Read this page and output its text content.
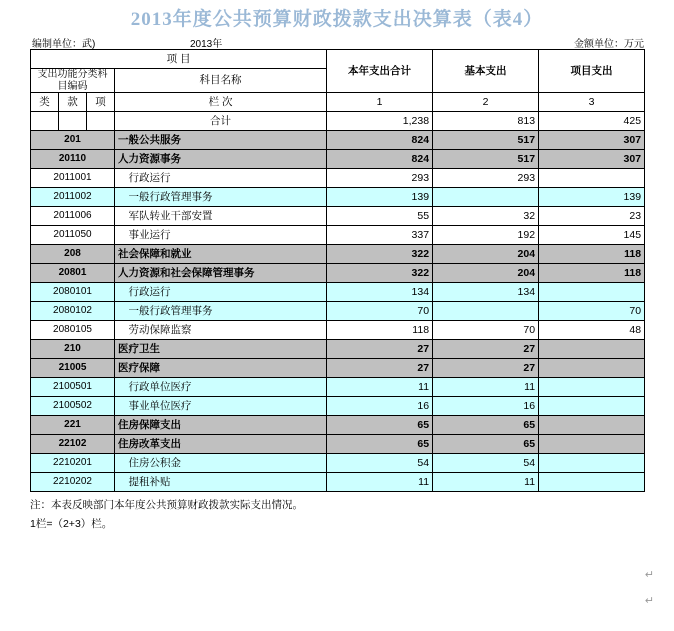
2013年度公共预算财政拨款支出决算表（表4）
编制单位：武)	2013年	金额单位：万元
项 目				本年支出合计	基本支出	项目支出
支出功能分类科目编码			科目名称			
类	款	项	栏 次	1	2	3
			合计	1,238	813	425
201			一般公共服务	824	517	307
20110			人力资源事务	824	517	307
2011001			　行政运行	293	293	
2011002			　一般行政管理事务	139		139
2011006			　军队转业干部安置	55	32	23
2011050			　事业运行	337	192	145
208			社会保障和就业	322	204	118
20801			人力资源和社会保障管理事务	322	204	118
2080101			　行政运行	134	134	
2080102			　一般行政管理事务	70		70
2080105			　劳动保障监察	118	70	48
210			医疗卫生	27	27	
21005			医疗保障	27	27	
2100501			　行政单位医疗	11	11	
2100502			　事业单位医疗	16	16	
221			住房保障支出	65	65	
22102			住房改革支出	65	65	
2210201			　住房公积金	54	54	
2210202			　提租补贴	11	11	
注：本表反映部门本年度公共预算财政拨款实际支出情况。
1栏=（2+3）栏。
↵
↵
